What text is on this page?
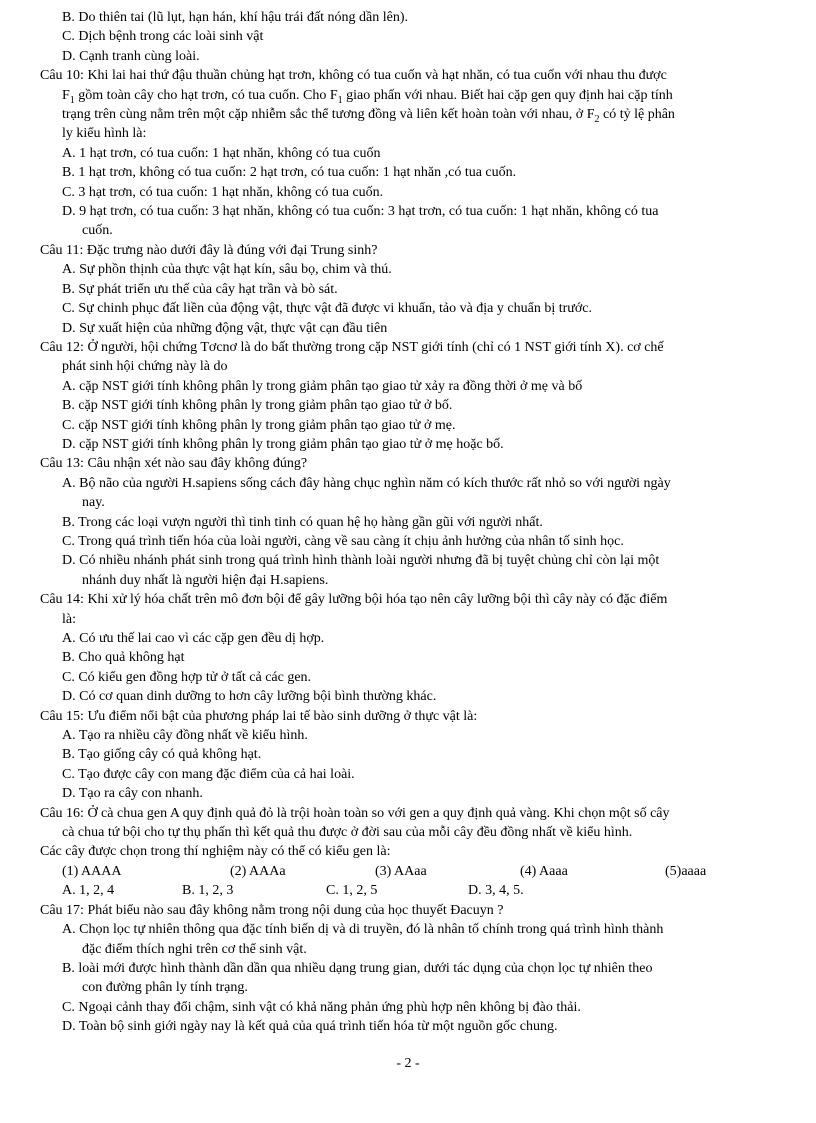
B. Do thiên tai (lũ lụt, hạn hán, khí hậu trái đất nóng dần lên).
C. Dịch bệnh trong các loài sinh vật
D. Cạnh tranh cùng loài.
Câu 10: Khi lai hai thứ đậu thuần chủng hạt trơn, không có tua cuốn và hạt nhăn, có tua cuốn với nhau thu được
$F_1$ gồm toàn cây cho hạt trơn, có tua cuốn. Cho $F_1$ giao phấn với nhau. Biết hai cặp gen quy định hai cặp tính
trạng trên cùng nằm trên một cặp nhiễm sắc thể tương đồng và liên kết hoàn toàn với nhau, ở $F_2$ có tỷ lệ phân
ly kiểu hình là:
A. 1 hạt trơn, có tua cuốn: 1 hạt nhăn, không có tua cuốn
B. 1 hạt trơn, không có tua cuốn: 2 hạt trơn, có tua cuốn: 1 hạt nhăn ,có tua cuốn.
C. 3 hạt trơn, có tua cuốn: 1 hạt nhăn, không có tua cuốn.
D. 9 hạt trơn, có tua cuốn: 3 hạt nhăn, không có tua cuốn: 3 hạt trơn, có tua cuốn: 1 hạt nhăn, không có tua
cuốn.
Câu 11: Đặc trưng nào dưới đây là đúng với đại Trung sinh?
A. Sự phồn thịnh của thực vật hạt kín, sâu bọ, chim và thú.
B. Sự phát triển ưu thế của cây hạt trần và bò sát.
C. Sự chinh phục đất liền của động vật, thực vật đã được vi khuẩn, tảo và địa y chuẩn bị trước.
D. Sự xuất hiện của những động vật, thực vật cạn đầu tiên
Câu 12: Ở người, hội chứng Tơcnơ là do bất thường trong cặp NST giới tính (chỉ có 1 NST giới tính X). cơ chế
phát sinh hội chứng này là do
A. cặp NST giới tính không phân ly trong giảm phân tạo giao tử xảy ra đồng thời ở mẹ và bố
B. cặp NST giới tính không phân ly trong giảm phân tạo giao tử ở bố.
C. cặp NST giới tính không phân ly trong giảm phân tạo giao tử ở mẹ.
D. cặp NST giới tính không phân ly trong giảm phân tạo giao tử ở mẹ hoặc bố.
Câu 13: Câu nhận xét nào sau đây không đúng?
A. Bộ não của người H.sapiens sống cách đây hàng chục nghìn năm có kích thước rất nhỏ so với người ngày
nay.
B. Trong các loại vượn người thì tinh tinh có quan hệ họ hàng gần gũi với người nhất.
C. Trong quá trình tiến hóa của loài người, càng về sau càng ít chịu ảnh hưởng của nhân tố sinh học.
D. Có nhiều nhánh phát sinh trong quá trình hình thành loài người nhưng đã bị tuyệt chủng chỉ còn lại một
nhánh duy nhất là người hiện đại H.sapiens.
Câu 14: Khi xử lý hóa chất trên mô đơn bội để gây lưỡng bội hóa tạo nên cây lưỡng bội thì cây này có đặc điểm
là:
A. Có ưu thế lai cao vì các cặp gen đều dị hợp.
B. Cho quả không hạt
C. Có kiểu gen đồng hợp tử ở tất cả các gen.
D. Có cơ quan dinh dưỡng to hơn cây lưỡng bội bình thường khác.
Câu 15: Ưu điểm nổi bật của phương pháp lai tế bào sinh dưỡng ở thực vật là:
A. Tạo ra nhiều cây đồng nhất về kiểu hình.
B. Tạo giống cây có quả không hạt.
C. Tạo được cây con mang đặc điểm của cả hai loài.
D. Tạo ra cây con nhanh.
Câu 16: Ở cà chua gen A quy định quả đỏ là trội hoàn toàn so với gen a quy định quả vàng. Khi chọn một số cây
cà chua tứ bội cho tự thụ phấn thì kết quả thu được ở đời sau của mỗi cây đều đồng nhất về kiểu hình.
Các cây được chọn trong thí nghiệm này có thể có kiểu gen là:
(1) AAAA	(2) AAAa	(3) AAaa	(4) Aaaa	(5)aaaa
A. 1, 2, 4	B. 1, 2, 3	C. 1, 2, 5	D. 3, 4, 5.
Câu 17: Phát biểu nào sau đây không nằm trong nội dung của học thuyết Đacuyn ?
A. Chọn lọc tự nhiên thông qua đặc tính biến dị và di truyền, đó là nhân tố chính trong quá trình hình thành
đặc điểm thích nghi trên cơ thể sinh vật.
B. loài mới được hình thành dần dần qua nhiều dạng trung gian, dưới tác dụng của chọn lọc tự nhiên theo
con đường phân ly tính trạng.
C. Ngoại cảnh thay đổi chậm, sinh vật có khả năng phản ứng phù hợp nên không bị đào thải.
D. Toàn bộ sinh giới ngày nay là kết quả của quá trình tiến hóa từ một nguồn gốc chung.
- 2 -
